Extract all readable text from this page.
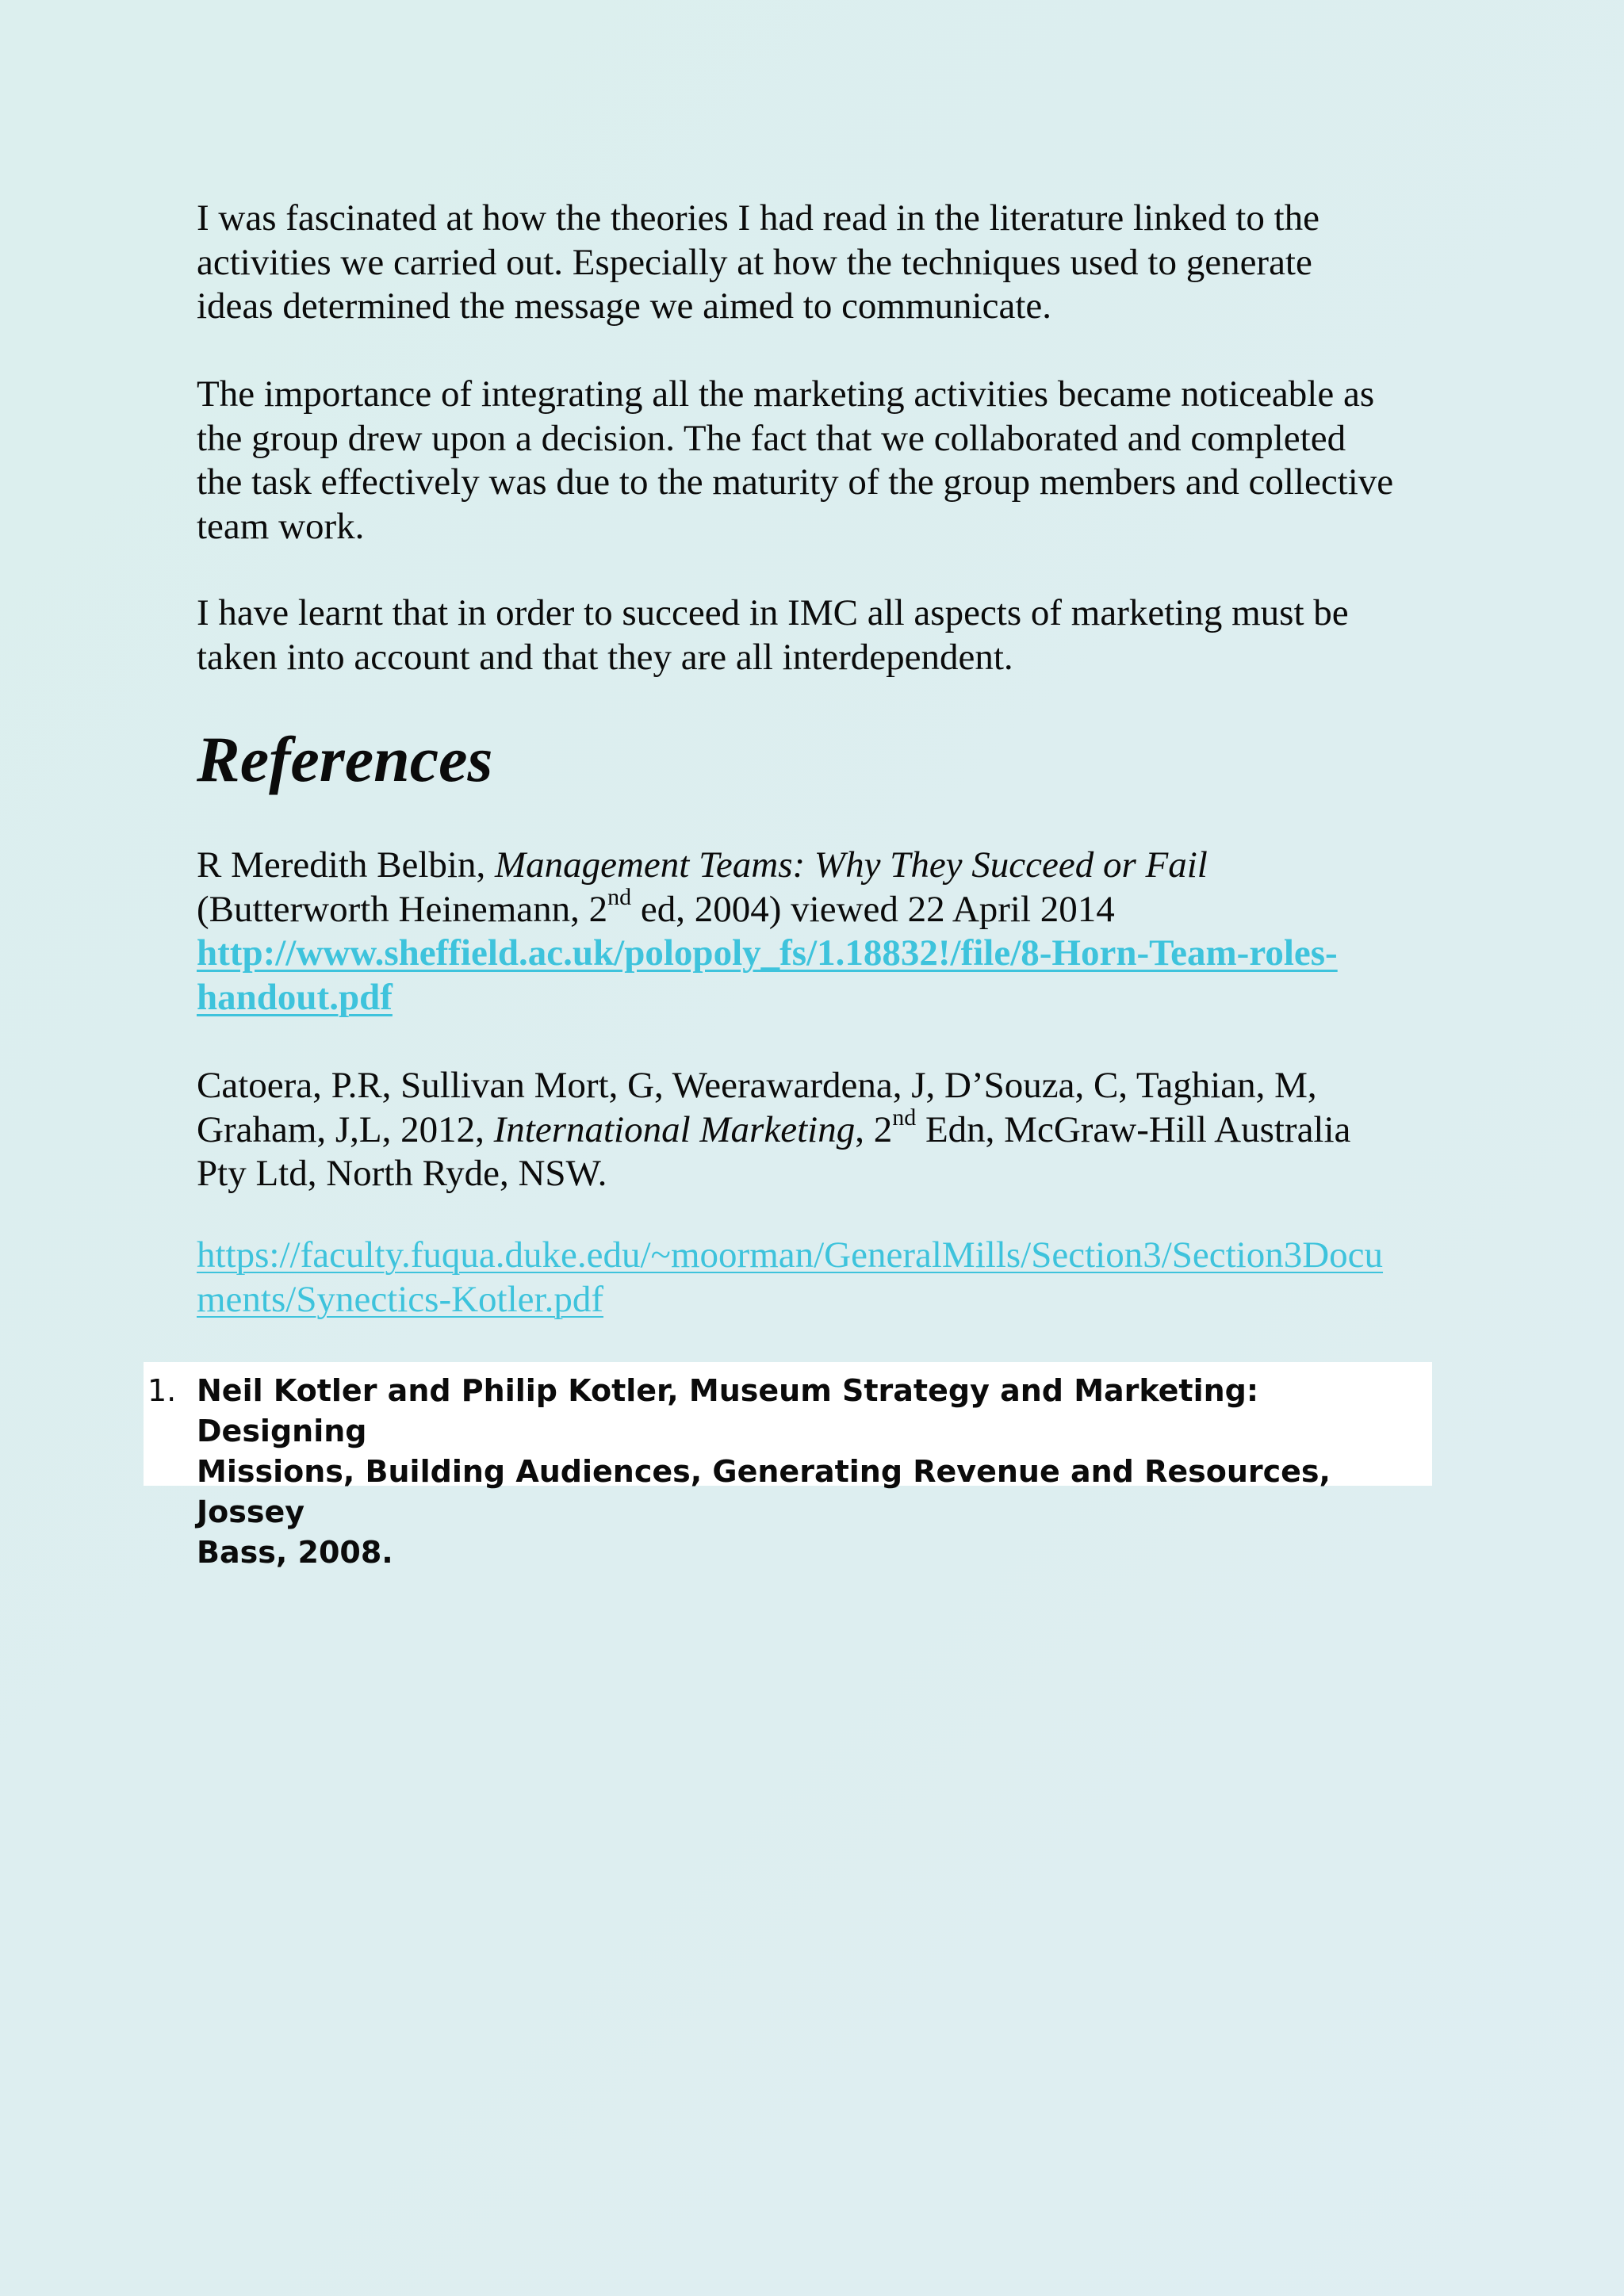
I was fascinated at how the theories I had read in the literature linked to the
activities we carried out. Especially at how the techniques used to generate
ideas determined the message we aimed to communicate.

The importance of integrating all the marketing activities became noticeable as
the group drew upon a decision. The fact that we collaborated and completed
the task effectively was due to the maturity of the group members and collective
team work.

I have learnt that in order to succeed in IMC all aspects of marketing must be
taken into account and that they are all interdependent.

References

R Meredith Belbin, Management Teams: Why They Succeed or Fail
(Butterworth Heinemann, 2nd ed, 2004) viewed 22 April 2014
http://www.sheffield.ac.uk/polopoly_fs/1.18832!/file/8-Horn-Team-roles-
handout.pdf

Catoera, P.R, Sullivan Mort, G, Weerawardena, J, D’Souza, C, Taghian, M,
Graham, J,L, 2012, International Marketing, 2nd Edn, McGraw-Hill Australia
Pty Ltd, North Ryde, NSW.

https://faculty.fuqua.duke.edu/~moorman/GeneralMills/Section3/Section3Docu
ments/Synectics-Kotler.pdf

1. Neil Kotler and Philip Kotler, Museum Strategy and Marketing: Designing
Missions, Building Audiences, Generating Revenue and Resources, Jossey
Bass, 2008.
